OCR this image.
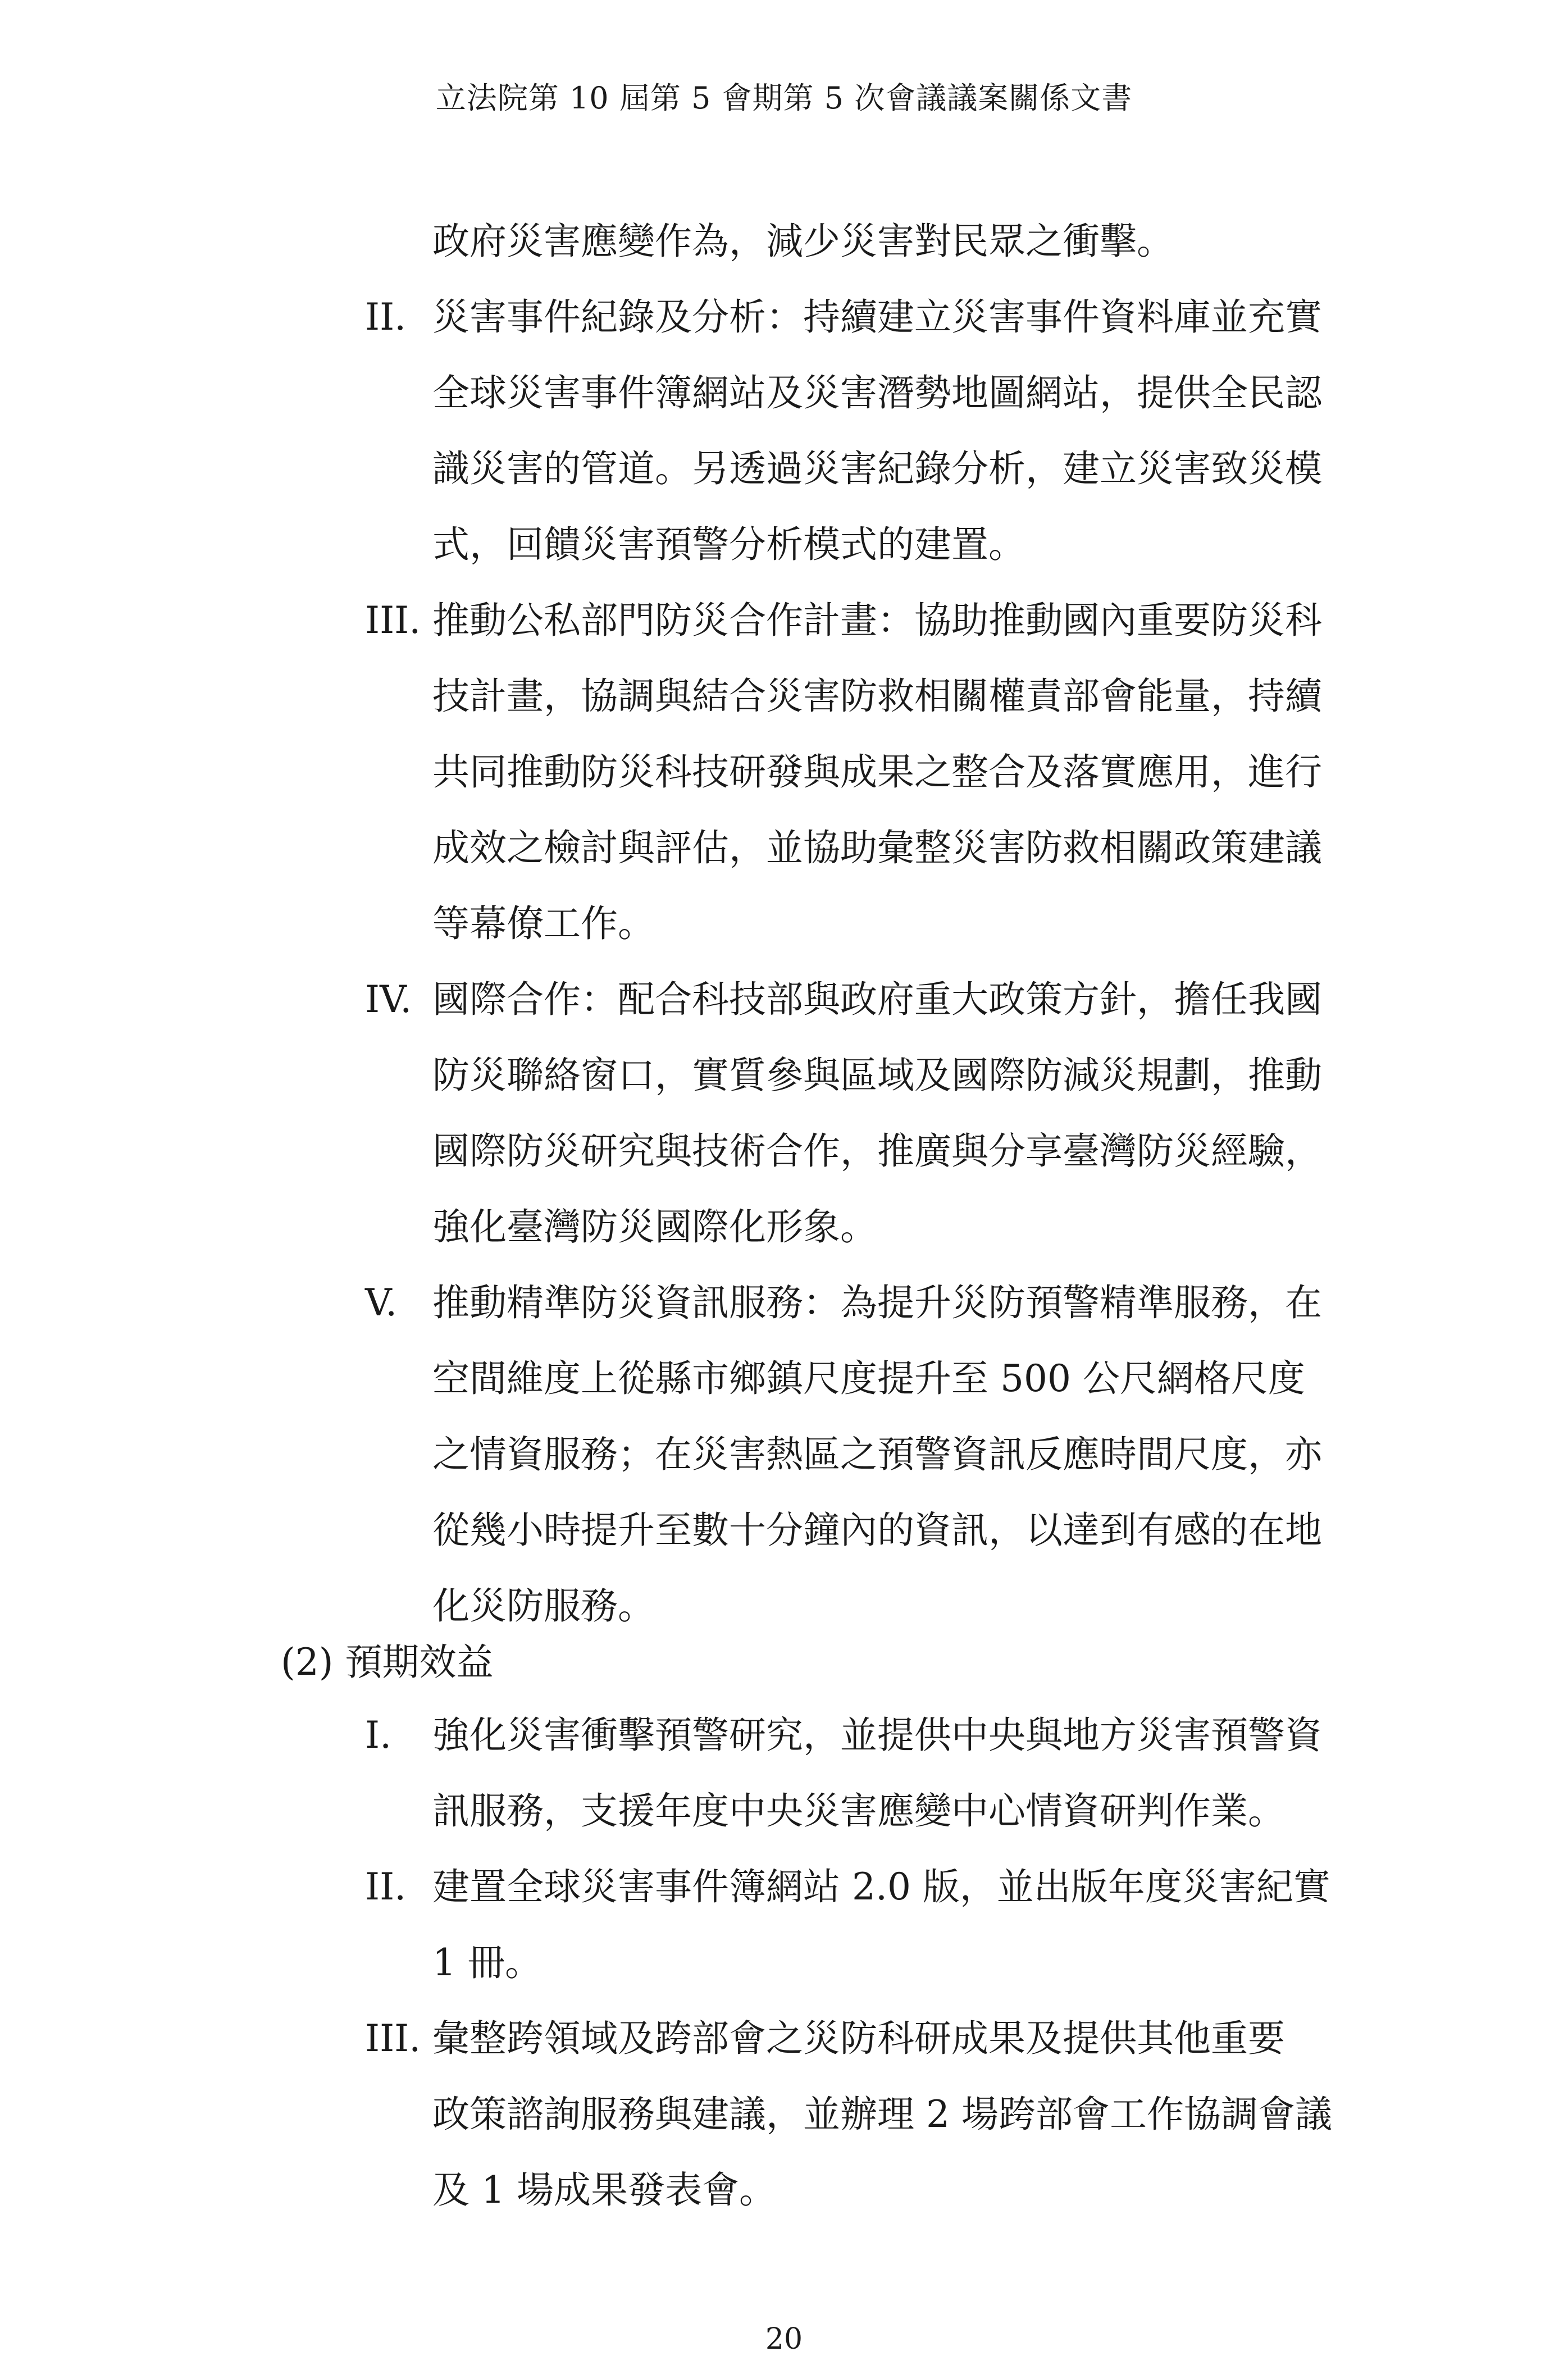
立法院第 10 屆第 5 會期第 5 次會議議案關係文書
政府災害應變作為，減少災害對民眾之衝擊。
II. 災害事件紀錄及分析：持續建立災害事件資料庫並充實
全球災害事件簿網站及災害潛勢地圖網站，提供全民認
識災害的管道。另透過災害紀錄分析，建立災害致災模
式，回饋災害預警分析模式的建置。
III. 推動公私部門防災合作計畫：協助推動國內重要防災科
技計畫，協調與結合災害防救相關權責部會能量，持續
共同推動防災科技研發與成果之整合及落實應用，進行
成效之檢討與評估，並協助彙整災害防救相關政策建議
等幕僚工作。
IV. 國際合作：配合科技部與政府重大政策方針，擔任我國
防災聯絡窗口，實質參與區域及國際防減災規劃，推動
國際防災研究與技術合作，推廣與分享臺灣防災經驗，
強化臺灣防災國際化形象。
V. 推動精準防災資訊服務：為提升災防預警精準服務，在
空間維度上從縣市鄉鎮尺度提升至 500 公尺網格尺度
之情資服務；在災害熱區之預警資訊反應時間尺度，亦
從幾小時提升至數十分鐘內的資訊，以達到有感的在地
化災防服務。
(2) 預期效益
I. 強化災害衝擊預警研究，並提供中央與地方災害預警資
訊服務，支援年度中央災害應變中心情資研判作業。
II. 建置全球災害事件簿網站 2.0 版，並出版年度災害紀實
1 冊。
III. 彙整跨領域及跨部會之災防科研成果及提供其他重要
政策諮詢服務與建議，並辦理 2 場跨部會工作協調會議
及 1 場成果發表會。
20
